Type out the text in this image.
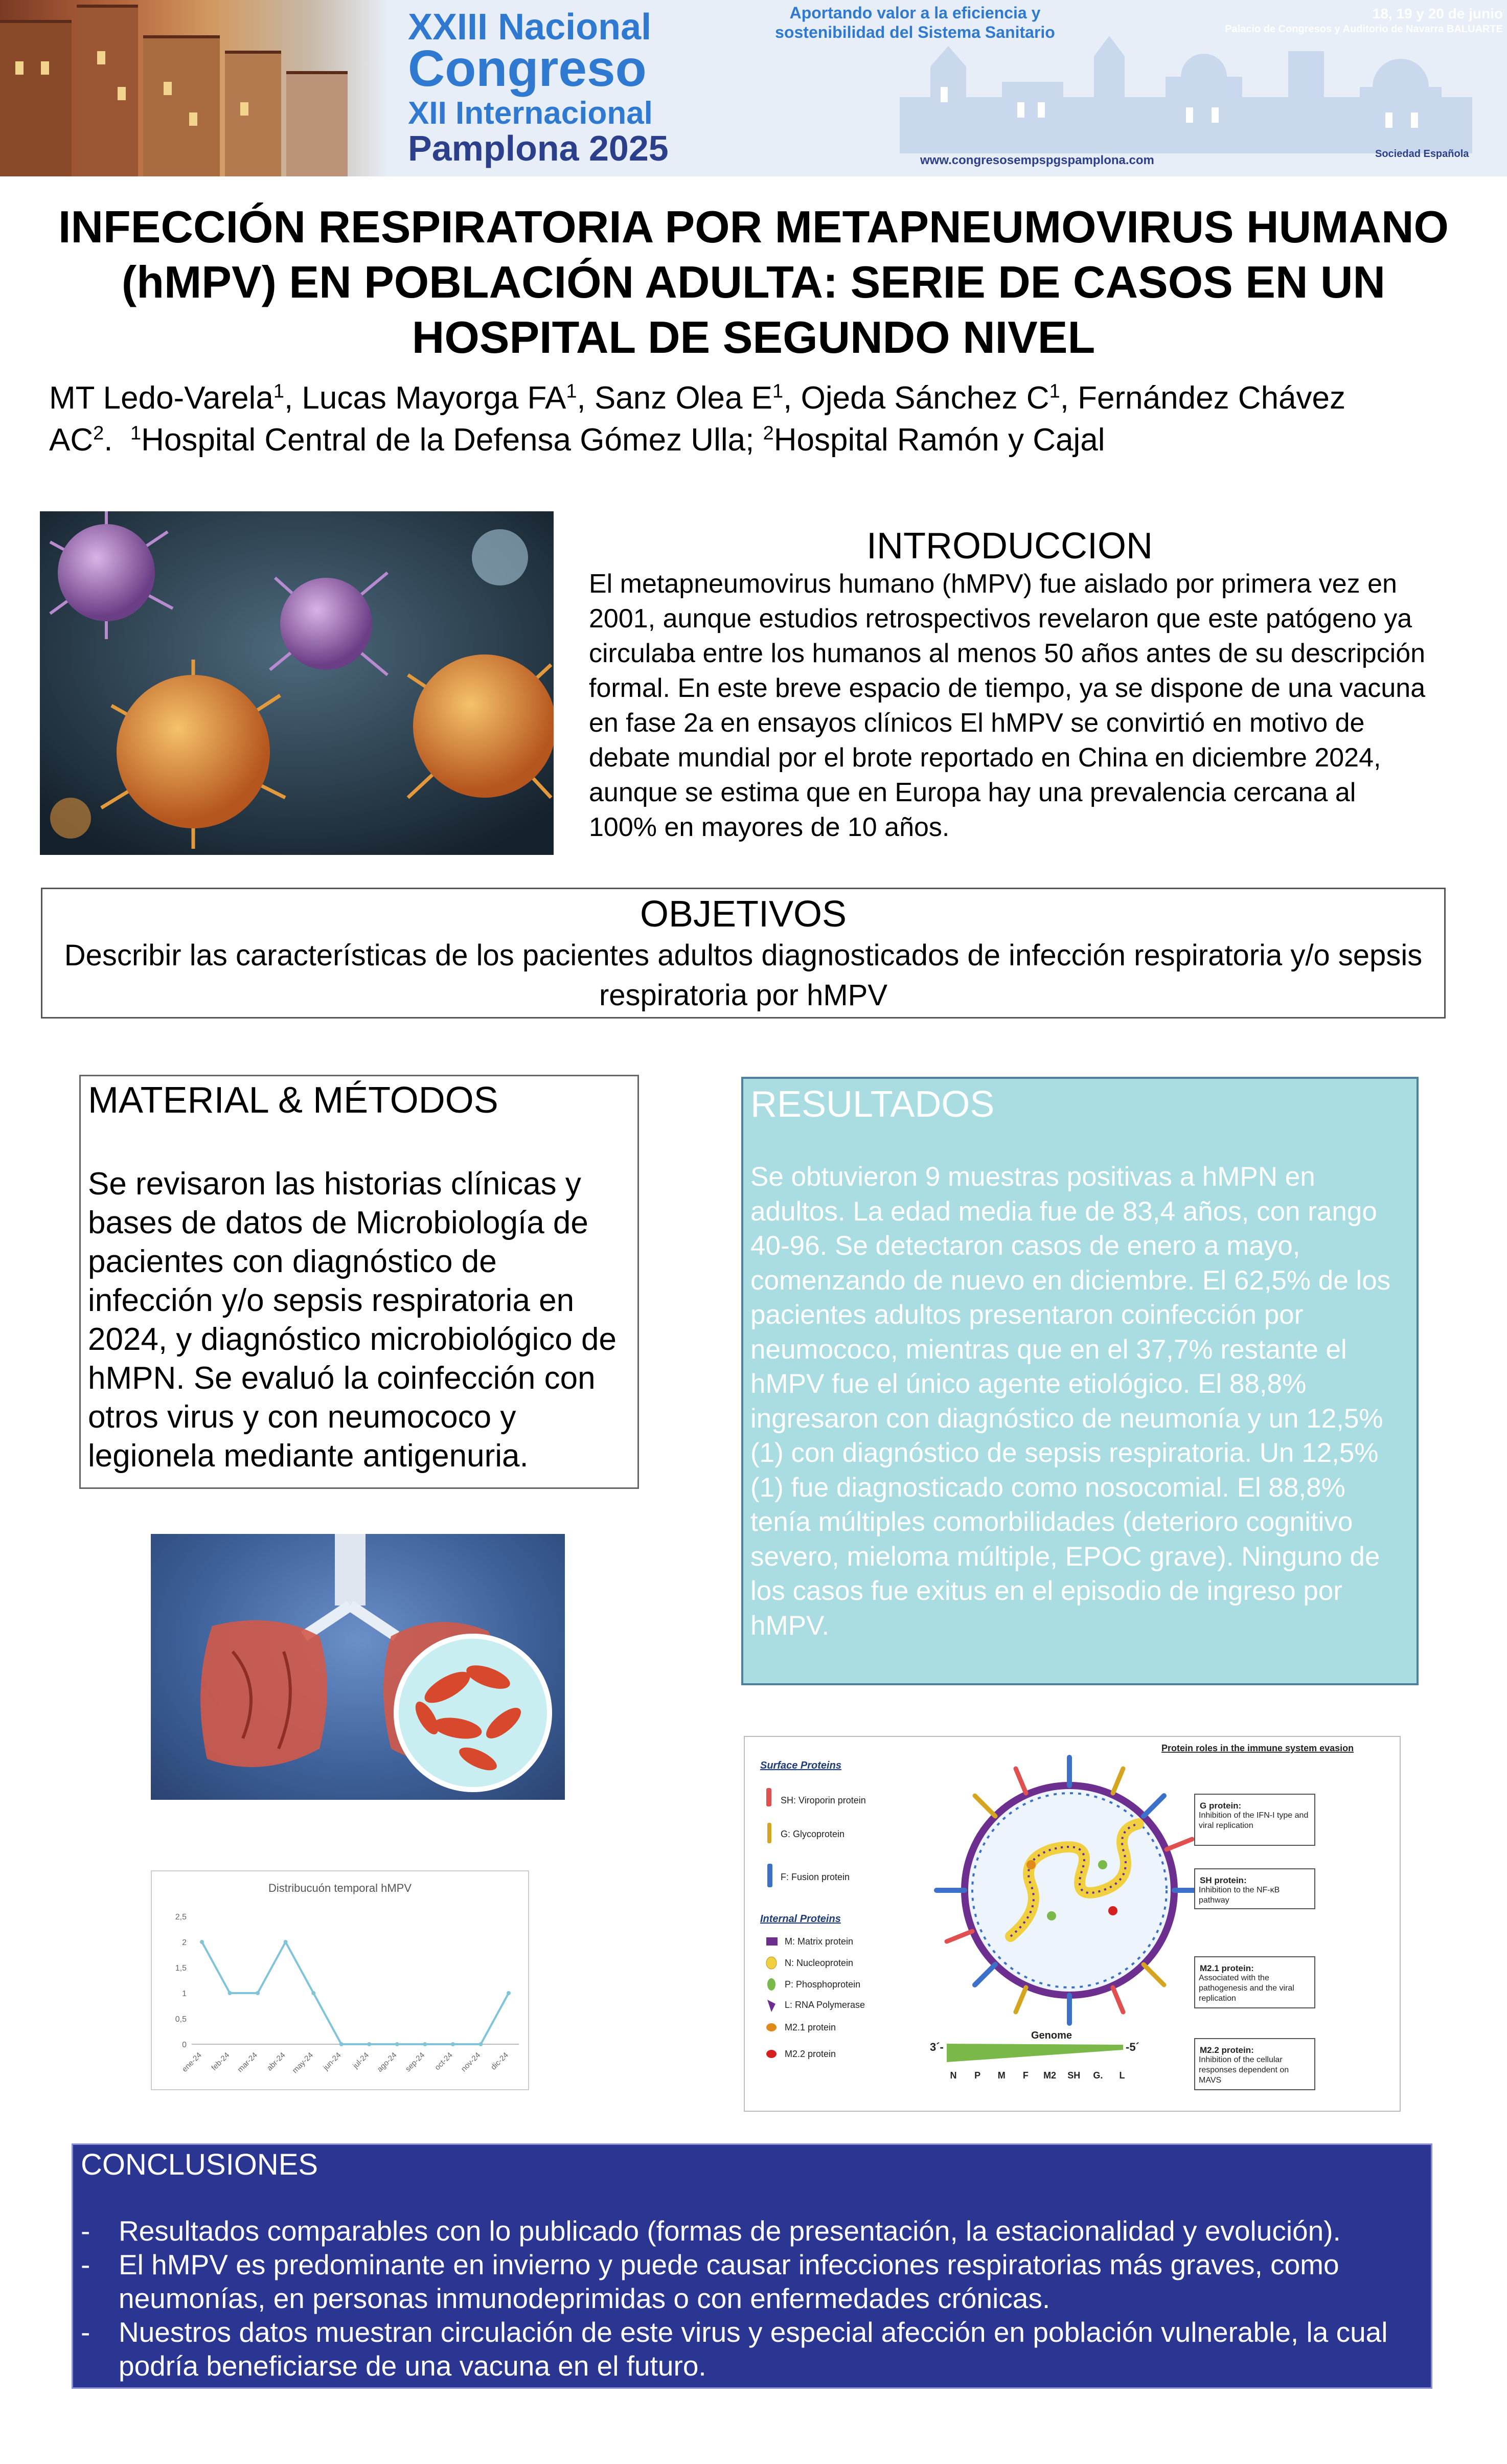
XXIII Nacional
Congreso
XII Internacional
Pamplona 2025
Aportando valor a la eficiencia y
sostenibilidad del Sistema Sanitario
18, 19 y 20 de junio
Palacio de Congresos y Auditorio de Navarra BALUARTE
www.congresosempspgspamplona.com	Sociedad Española
INFECCIÓN RESPIRATORIA POR METAPNEUMOVIRUS HUMANO (hMPV) EN POBLACIÓN ADULTA: SERIE DE CASOS EN UN HOSPITAL DE SEGUNDO NIVEL
MT Ledo-Varela$^1$, Lucas Mayorga $FA^1$, Sanz Olea $E^1$, Ojeda Sánchez $C^1$, Fernández Chávez $AC^2$.  $^1$Hospital Central de la Defensa Gómez Ulla; $^2$Hospital Ramón y Cajal
INTRODUCCION
El metapneumovirus humano (hMPV) fue aislado por primera vez en 2001, aunque estudios retrospectivos revelaron que este patógeno ya circulaba entre los humanos al menos 50 años antes de su descripción formal. En este breve espacio de tiempo, ya se dispone de una vacuna en fase 2a en ensayos clínicos El hMPV se convirtió en motivo de debate mundial por el brote reportado en China en diciembre 2024, aunque se estima que en Europa hay una prevalencia cercana al 100% en mayores de 10 años.
OBJETIVOS
Describir las características de los pacientes adultos diagnosticados de infección respiratoria y/o sepsis respiratoria por hMPV
MATERIAL & MÉTODOS
Se revisaron las historias clínicas y bases de datos de Microbiología de pacientes con diagnóstico de infección y/o sepsis respiratoria en 2024, y diagnóstico microbiológico de hMPN. Se evaluó la coinfección con otros virus y con neumococo y legionela mediante antigenuria.
RESULTADOS
Se obtuvieron 9 muestras positivas a hMPN en adultos. La edad media fue de 83,4 años, con rango 40-96. Se detectaron casos de enero a mayo, comenzando de nuevo en diciembre. El 62,5% de los pacientes adultos presentaron coinfección por neumococo, mientras que en el 37,7% restante el hMPV fue el único agente etiológico. El 88,8% ingresaron con diagnóstico de neumonía y un 12,5% (1) con diagnóstico de sepsis respiratoria. Un 12,5% (1) fue diagnosticado como nosocomial. El 88,8% tenía múltiples comorbilidades (deterioro cognitivo severo, mieloma múltiple, EPOC grave). Ninguno de los casos fue exitus en el episodio de ingreso por hMPV.
Distribucuón temporal hMPV
0
0,5
1
1,5
2
2,5
ene-24 feb-24 mar-24 abr-24 may-24 jun-24 jul-24 ago-24 sep-24 oct-24 nov-24 dic-24
Surface Proteins
SH: Viroporin protein
G: Glycoprotein
F: Fusion protein
Internal Proteins
M: Matrix protein
N: Nucleoprotein
P: Phosphoprotein
L: RNA Polymerase
M2.1 protein
M2.2 protein
Genome
3´-	-5´
N P M F M2 SH G. L
Protein roles in the immune system evasion
G protein:
Inhibition of the IFN-I type and viral replication
SH protein:
Inhibition to the NF-κB pathway
M2.1 protein:
Associated with the pathogenesis and the viral replication
M2.2 protein:
Inhibition of the cellular responses dependent on MAVS
CONCLUSIONES
- Resultados comparables con lo publicado (formas de presentación, la estacionalidad y evolución).
- El hMPV es predominante en invierno y puede causar infecciones respiratorias más graves, como neumonías, en personas inmunodeprimidas o con enfermedades crónicas.
- Nuestros datos muestran circulación de este virus y especial afección en población vulnerable, la cual podría beneficiarse de una vacuna en el futuro.
